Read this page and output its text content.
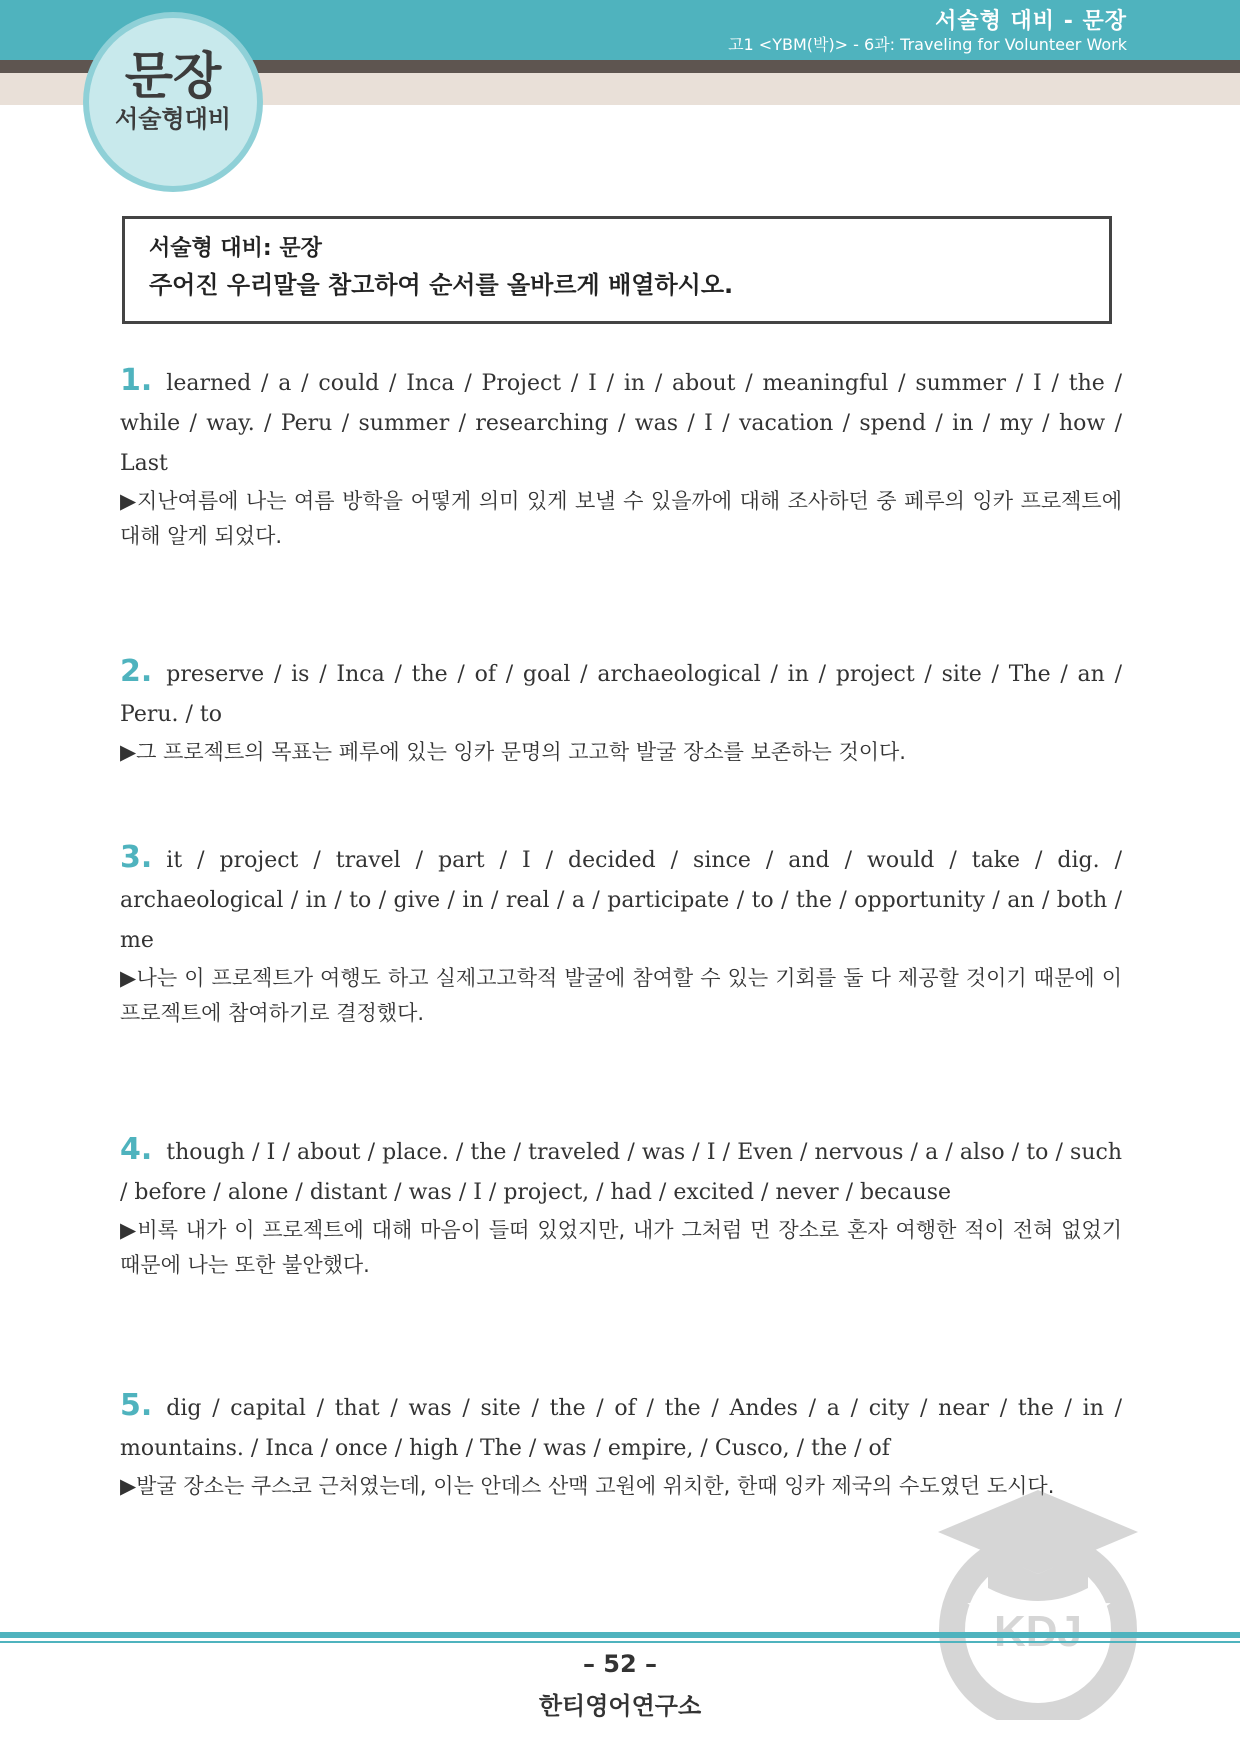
서술형 대비 - 문장
고1 <YBM(박)> - 6과: Traveling for Volunteer Work
문장
서술형대비
서술형 대비: 문장
주어진 우리말을 참고하여 순서를 올바르게 배열하시오.
1. learned / a / could / Inca / Project / I / in / about / meaningful / summer / I / the / while / way. / Peru / summer / researching / was / I / vacation / spend / in / my / how / Last
▶지난여름에 나는 여름 방학을 어떻게 의미 있게 보낼 수 있을까에 대해 조사하던 중 페루의 잉카 프로젝트에 대해 알게 되었다.
2. preserve / is / Inca / the / of / goal / archaeological / in / project / site / The / an / Peru. / to
▶그 프로젝트의 목표는 페루에 있는 잉카 문명의 고고학 발굴 장소를 보존하는 것이다.
3. it / project / travel / part / I / decided / since / and / would / take / dig. / archaeological / in / to / give / in / real / a / participate / to / the / opportunity / an / both / me
▶나는 이 프로젝트가 여행도 하고 실제고고학적 발굴에 참여할 수 있는 기회를 둘 다 제공할 것이기 때문에 이 프로젝트에 참여하기로 결정했다.
4. though / I / about / place. / the / traveled / was / I / Even / nervous / a / also / to / such / before / alone / distant / was / I / project, / had / excited / never / because
▶비록 내가 이 프로젝트에 대해 마음이 들떠 있었지만, 내가 그처럼 먼 장소로 혼자 여행한 적이 전혀 없었기 때문에 나는 또한 불안했다.
5. dig / capital / that / was / site / the / of / the / Andes / a / city / near / the / in / mountains. / Inca / once / high / The / was / empire, / Cusco, / the / of
▶발굴 장소는 쿠스코 근처였는데, 이는 안데스 산맥 고원에 위치한, 한때 잉카 제국의 수도였던 도시다.
★	★
– 52 –
한티영어연구소
